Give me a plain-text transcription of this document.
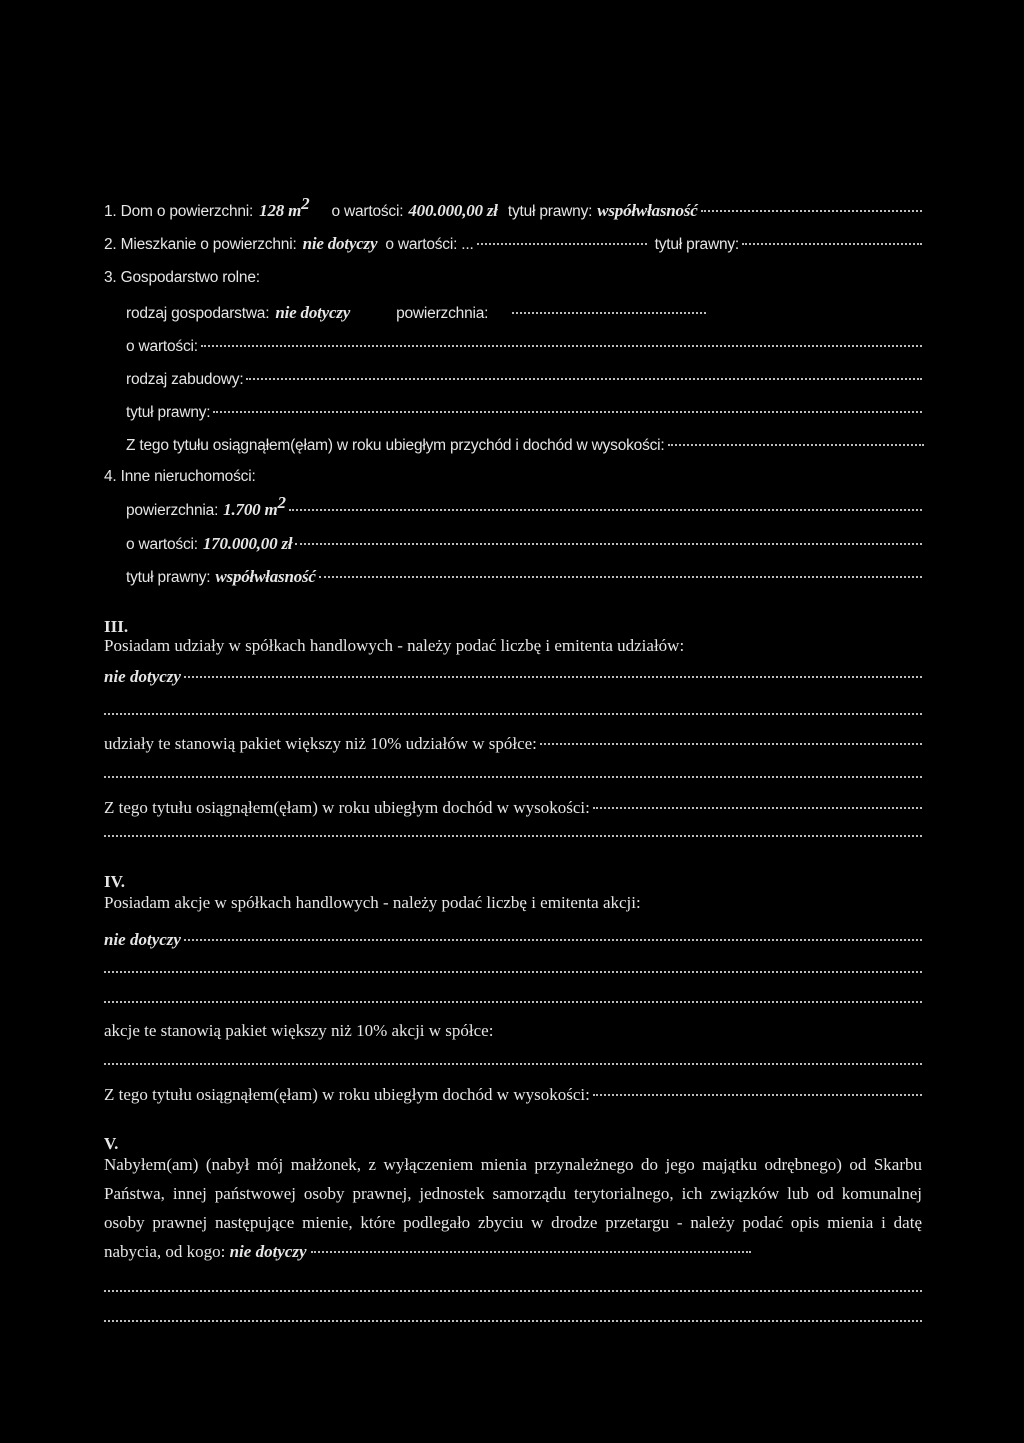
1. Dom o powierzchni: 128 $m^2$ o wartości: 400.000,00 zł tytuł prawny: współwłasność
2. Mieszkanie o powierzchni: nie dotyczy o wartości: ...	tytuł prawny:
3. Gospodarstwo rolne:
rodzaj gospodarstwa: nie dotyczy	powierzchnia:
o wartości:
rodzaj zabudowy:
tytuł prawny:
Z tego tytułu osiągnąłem(ęłam) w roku ubiegłym przychód i dochód w wysokości:
4. Inne nieruchomości:
powierzchnia: 1.700 $m^2$
o wartości: 170.000,00 zł
tytuł prawny: współwłasność
III.
Posiadam udziały w spółkach handlowych - należy podać liczbę i emitenta udziałów:
nie dotyczy
udziały te stanowią pakiet większy niż 10% udziałów w spółce:
Z tego tytułu osiągnąłem(ęłam) w roku ubiegłym dochód w wysokości:
IV.
Posiadam akcje w spółkach handlowych - należy podać liczbę i emitenta akcji:
nie dotyczy
akcje te stanowią pakiet większy niż 10% akcji w spółce:
Z tego tytułu osiągnąłem(ęłam) w roku ubiegłym dochód w wysokości:
V.
Nabyłem(am) (nabył mój małżonek, z wyłączeniem mienia przynależnego do jego majątku odrębnego) od Skarbu Państwa, innej państwowej osoby prawnej, jednostek samorządu terytorialnego, ich związków lub od komunalnej osoby prawnej następujące mienie, które podlegało zbyciu w drodze przetargu - należy podać opis mienia i datę nabycia, od kogo: nie dotyczy
